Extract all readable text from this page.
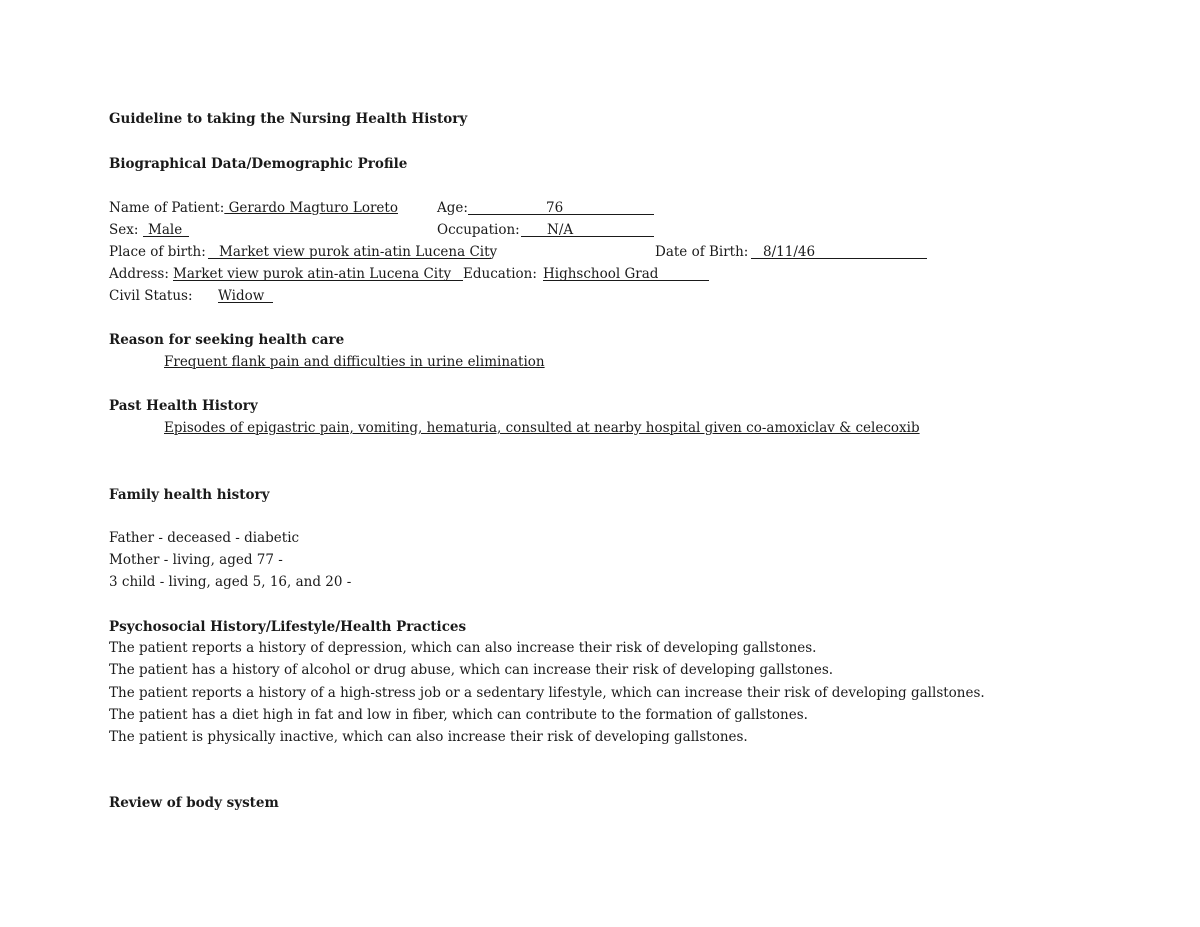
Guideline to taking the Nursing Health History
Biographical Data/Demographic Profile
Name of Patient: Gerardo Magturo Loreto	Age:	76
Sex: Male	Occupation: N/A
Place of birth: Market view purok atin-atin Lucena City	Date of Birth: 8/11/46
Address: Market view purok atin-atin Lucena City Education: Highschool Grad
Civil Status: Widow
Reason for seeking health care
Frequent flank pain and difficulties in urine elimination
Past Health History
Episodes of epigastric pain, vomiting, hematuria, consulted at nearby hospital given co-amoxiclav & celecoxib
Family health history
Father - deceased - diabetic
Mother - living, aged 77 -
3 child - living, aged 5, 16, and 20 -
Psychosocial History/Lifestyle/Health Practices
The patient reports a history of depression, which can also increase their risk of developing gallstones.
The patient has a history of alcohol or drug abuse, which can increase their risk of developing gallstones.
The patient reports a history of a high-stress job or a sedentary lifestyle, which can increase their risk of developing gallstones.
The patient has a diet high in fat and low in fiber, which can contribute to the formation of gallstones.
The patient is physically inactive, which can also increase their risk of developing gallstones.
Review of body system
